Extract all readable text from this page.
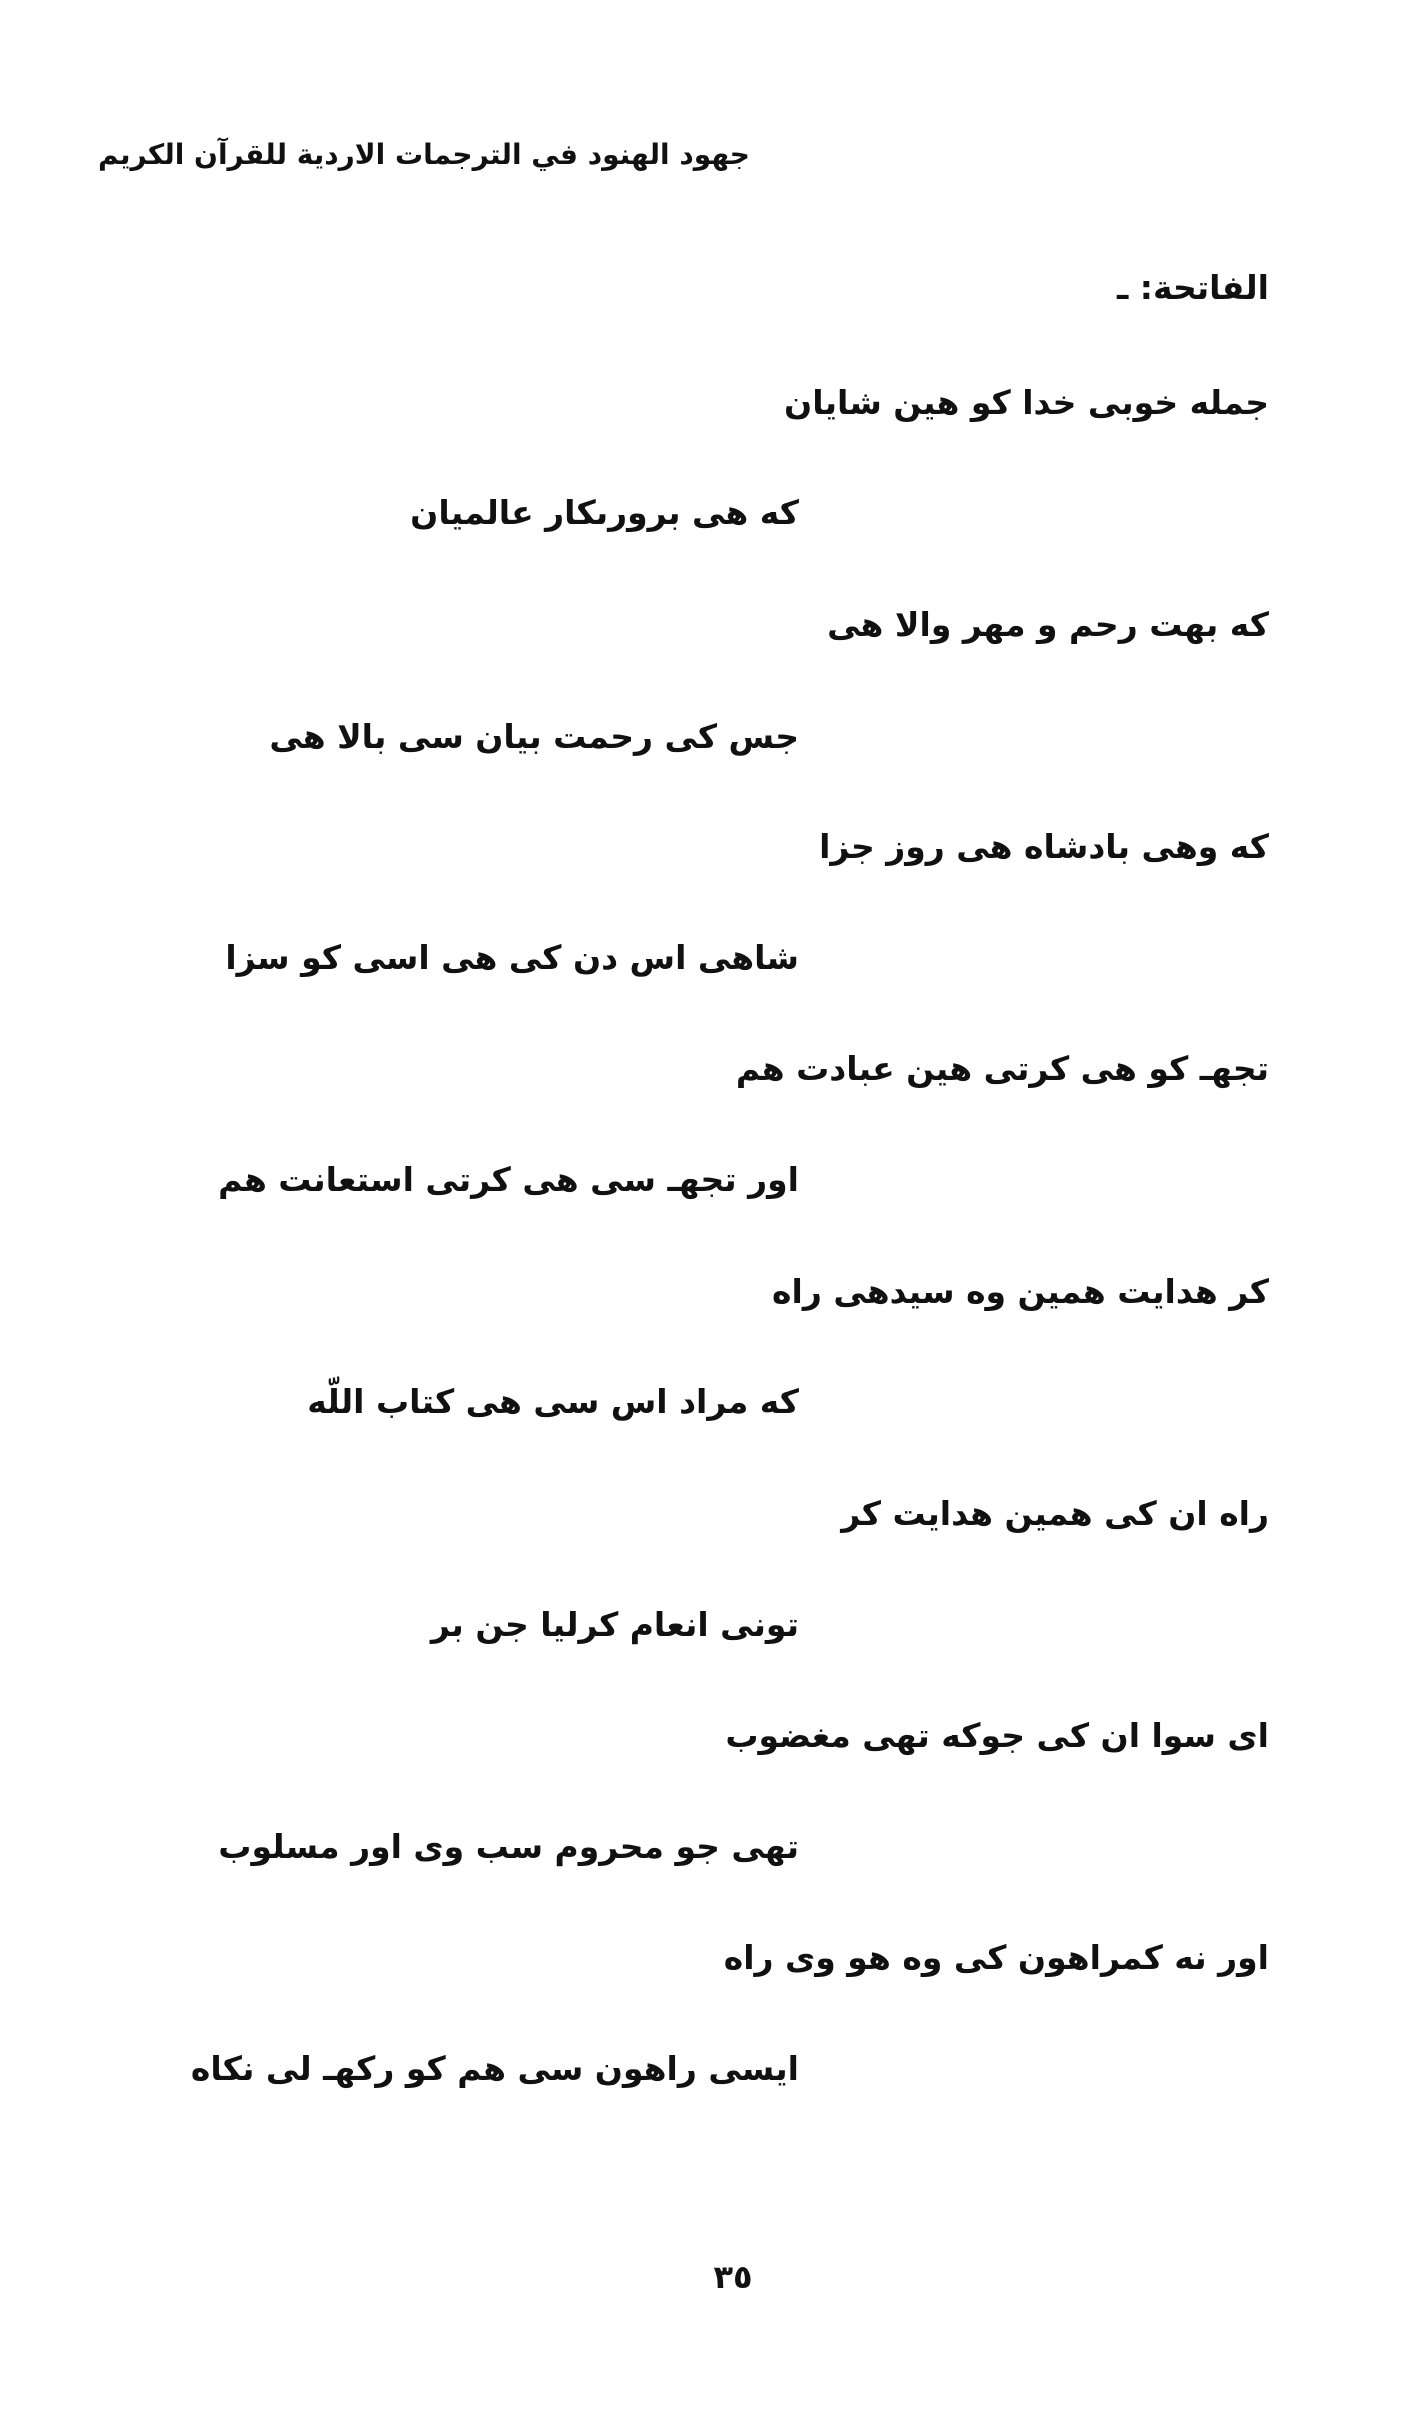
جهود الهنود في الترجمات الاردية للقرآن الكريم
الفاتحة: ـ
جمله خوبى خدا كو هين شايان
كه هى برورىكار عالميان
كه بهت رحم و مهر والا هى
جس كى رحمت بيان سى بالا هى
كه وهى بادشاه هى روز جزا
شاهى اس دن كى هى اسى كو سزا
تجهـ كو هى كرتى هين عبادت هم
اور تجهـ سى هى كرتى استعانت هم
كر هدايت همين وه سيدهى راه
كه مراد اس سى هى كتاب اللّه
راه ان كى همين هدايت كر
تونى انعام كرليا جن بر
اى سوا ان كى جوكه تهى مغضوب
تهى جو محروم سب وى اور مسلوب
اور نه كمراهون كى وه هو وى راه
ايسى راهون سى هم كو ركهـ لى نكاه
٣٥
